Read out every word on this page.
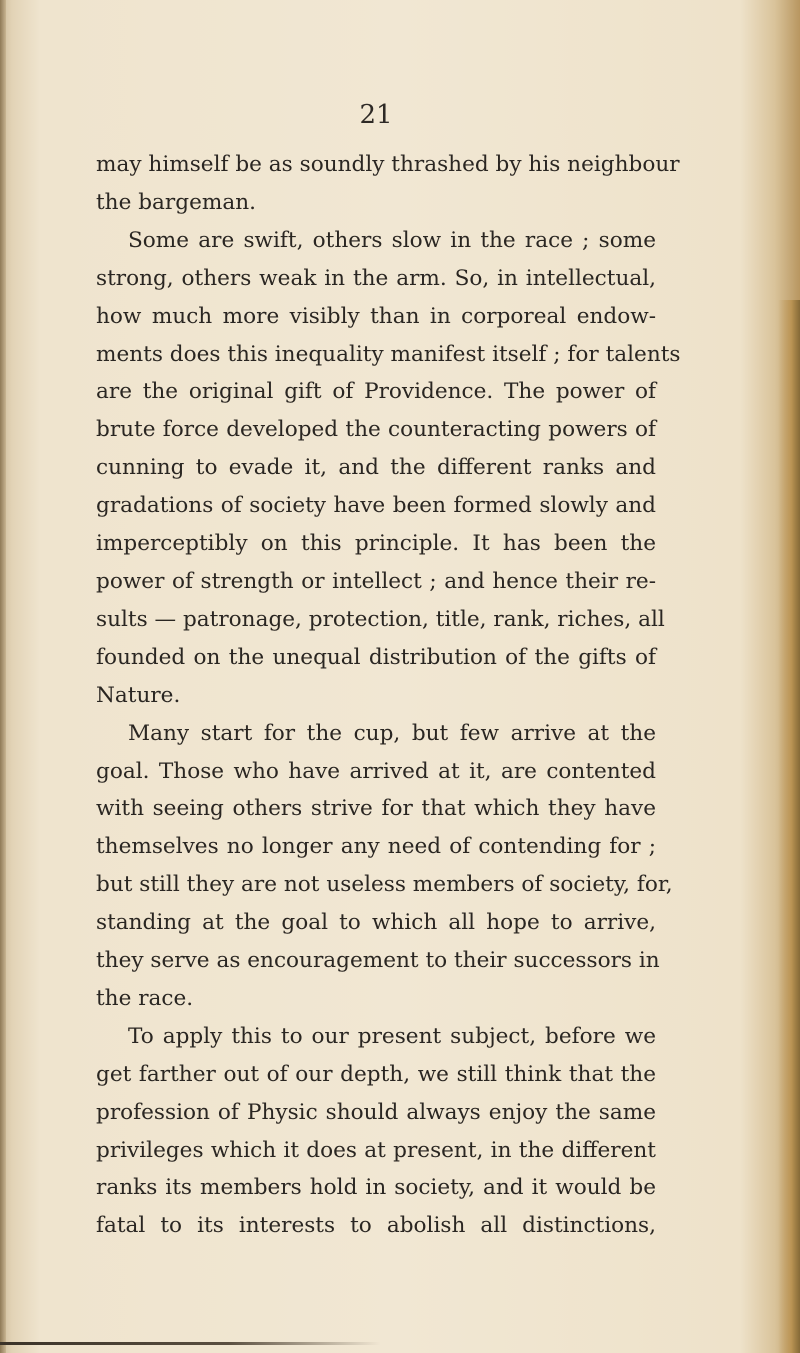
21

may himself be as soundly thrashed by his neighbour
the bargeman.
Some are swift, others slow in the race ; some
strong, others weak in the arm. So, in intellectual,
how much more visibly than in corporeal endow-
ments does this inequality manifest itself ; for talents
are the original gift of Providence. The power of
brute force developed the counteracting powers of
cunning to evade it, and the different ranks and
gradations of society have been formed slowly and
imperceptibly on this principle. It has been the
power of strength or intellect ; and hence their re-
sults — patronage, protection, title, rank, riches, all
founded on the unequal distribution of the gifts of
Nature.
Many start for the cup, but few arrive at the
goal. Those who have arrived at it, are contented
with seeing others strive for that which they have
themselves no longer any need of contending for ;
but still they are not useless members of society, for,
standing at the goal to which all hope to arrive,
they serve as encouragement to their successors in
the race.
To apply this to our present subject, before we
get farther out of our depth, we still think that the
profession of Physic should always enjoy the same
privileges which it does at present, in the different
ranks its members hold in society, and it would be
fatal to its interests to abolish all distinctions,
